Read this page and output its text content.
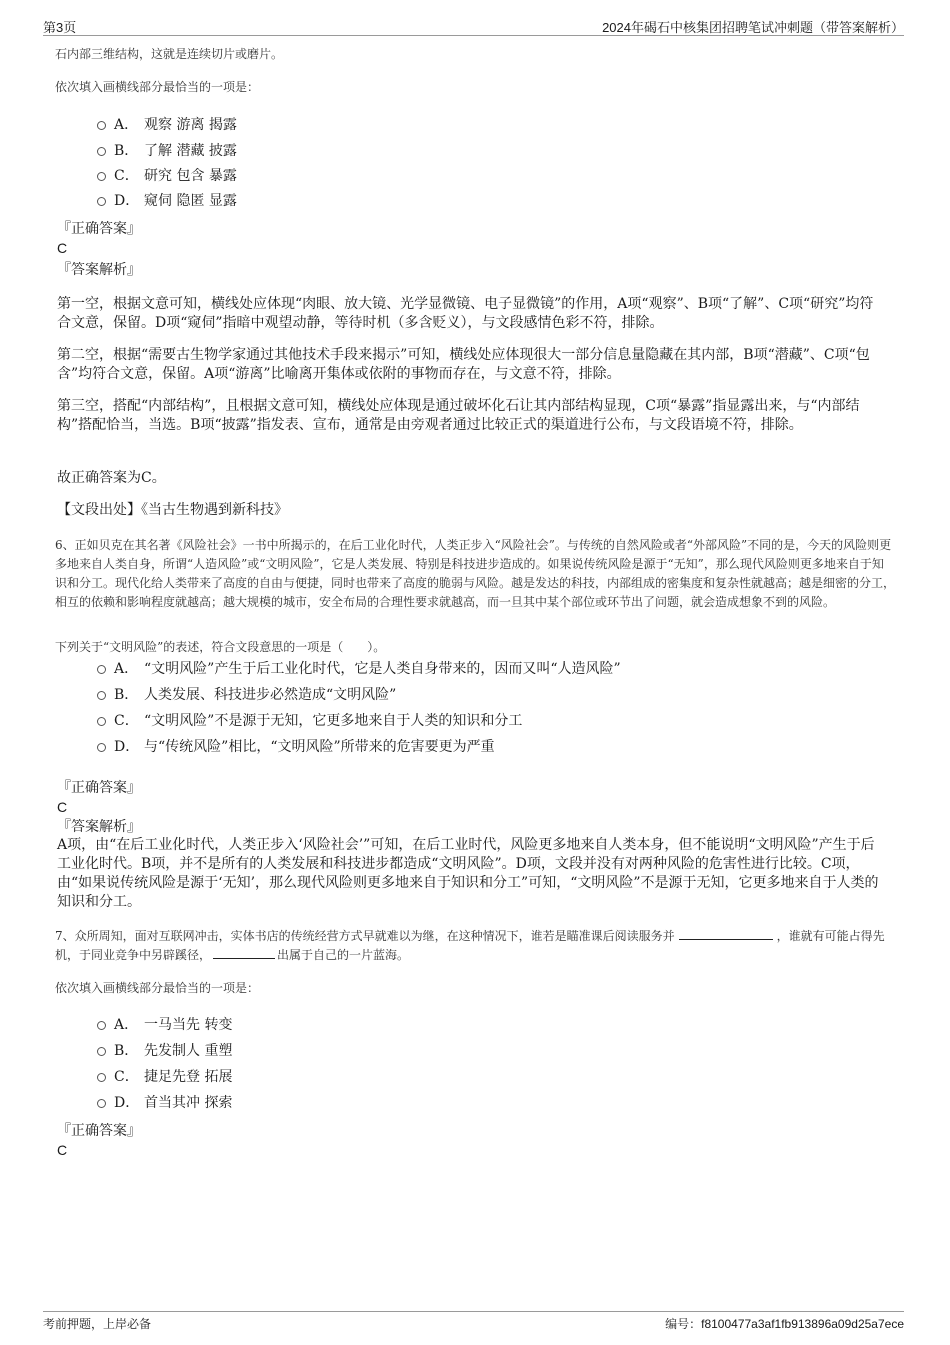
第3页	2024年碣石中核集团招聘笔试冲刺题（带答案解析）
石内部三维结构，这就是连续切片或磨片。
依次填入画横线部分最恰当的一项是：
A． 观察 游离 揭露
B． 了解 潜藏 披露
C． 研究 包含 暴露
D． 窥伺 隐匿 显露
『正确答案』
C
『答案解析』
第一空，根据文意可知，横线处应体现“肉眼、放大镜、光学显微镜、电子显微镜”的作用，A项“观察”、B项“了解”、C项“研究”均符合文意，保留。D项“窥伺”指暗中观望动静，等待时机（多含贬义），与文段感情色彩不符，排除。
第二空，根据“需要古生物学家通过其他技术手段来揭示”可知，横线处应体现很大一部分信息量隐藏在其内部，B项“潜藏”、C项“包含”均符合文意，保留。A项“游离”比喻离开集体或依附的事物而存在，与文意不符，排除。
第三空，搭配“内部结构”，且根据文意可知，横线处应体现是通过破坏化石让其内部结构显现，C项“暴露”指显露出来，与“内部结构”搭配恰当，当选。B项“披露”指发表、宣布，通常是由旁观者通过比较正式的渠道进行公布，与文段语境不符，排除。
故正确答案为C。
【文段出处】《当古生物遇到新科技》
6、正如贝克在其名著《风险社会》一书中所揭示的，在后工业化时代，人类正步入“风险社会”。与传统的自然风险或者“外部风险”不同的是，今天的风险则更多地来自人类自身，所谓“人造风险”或“文明风险”，它是人类发展、特别是科技进步造成的。如果说传统风险是源于“无知”，那么现代风险则更多地来自于知识和分工。现代化给人类带来了高度的自由与便捷，同时也带来了高度的脆弱与风险。越是发达的科技，内部组成的密集度和复杂性就越高；越是细密的分工，相互的依赖和影响程度就越高；越大规模的城市，安全布局的合理性要求就越高，而一旦其中某个部位或环节出了问题，就会造成想象不到的风险。
下列关于“文明风险”的表述，符合文段意思的一项是（　　）。
A． “文明风险”产生于后工业化时代，它是人类自身带来的，因而又叫“人造风险”
B． 人类发展、科技进步必然造成“文明风险”
C． “文明风险”不是源于无知，它更多地来自于人类的知识和分工
D． 与“传统风险”相比，“文明风险”所带来的危害要更为严重
『正确答案』
C
『答案解析』
A项，由“在后工业化时代，人类正步入‘风险社会’”可知，在后工业时代，风险更多地来自人类本身，但不能说明“文明风险”产生于后工业化时代。B项，并不是所有的人类发展和科技进步都造成“文明风险”。D项，文段并没有对两种风险的危害性进行比较。C项，由“如果说传统风险是源于‘无知’，那么现代风险则更多地来自于知识和分工”可知，“文明风险”不是源于无知，它更多地来自于人类的知识和分工。
7、众所周知，面对互联网冲击，实体书店的传统经营方式早就难以为继，在这种情况下，谁若是瞄准课后阅读服务并	，谁就有可能占得先机，于同业竞争中另辟蹊径，	出属于自己的一片蓝海。
依次填入画横线部分最恰当的一项是：
A． 一马当先 转变
B． 先发制人 重塑
C． 捷足先登 拓展
D． 首当其冲 探索
『正确答案』
C
考前押题，上岸必备	编号：f8100477a3af1fb913896a09d25a7ece
